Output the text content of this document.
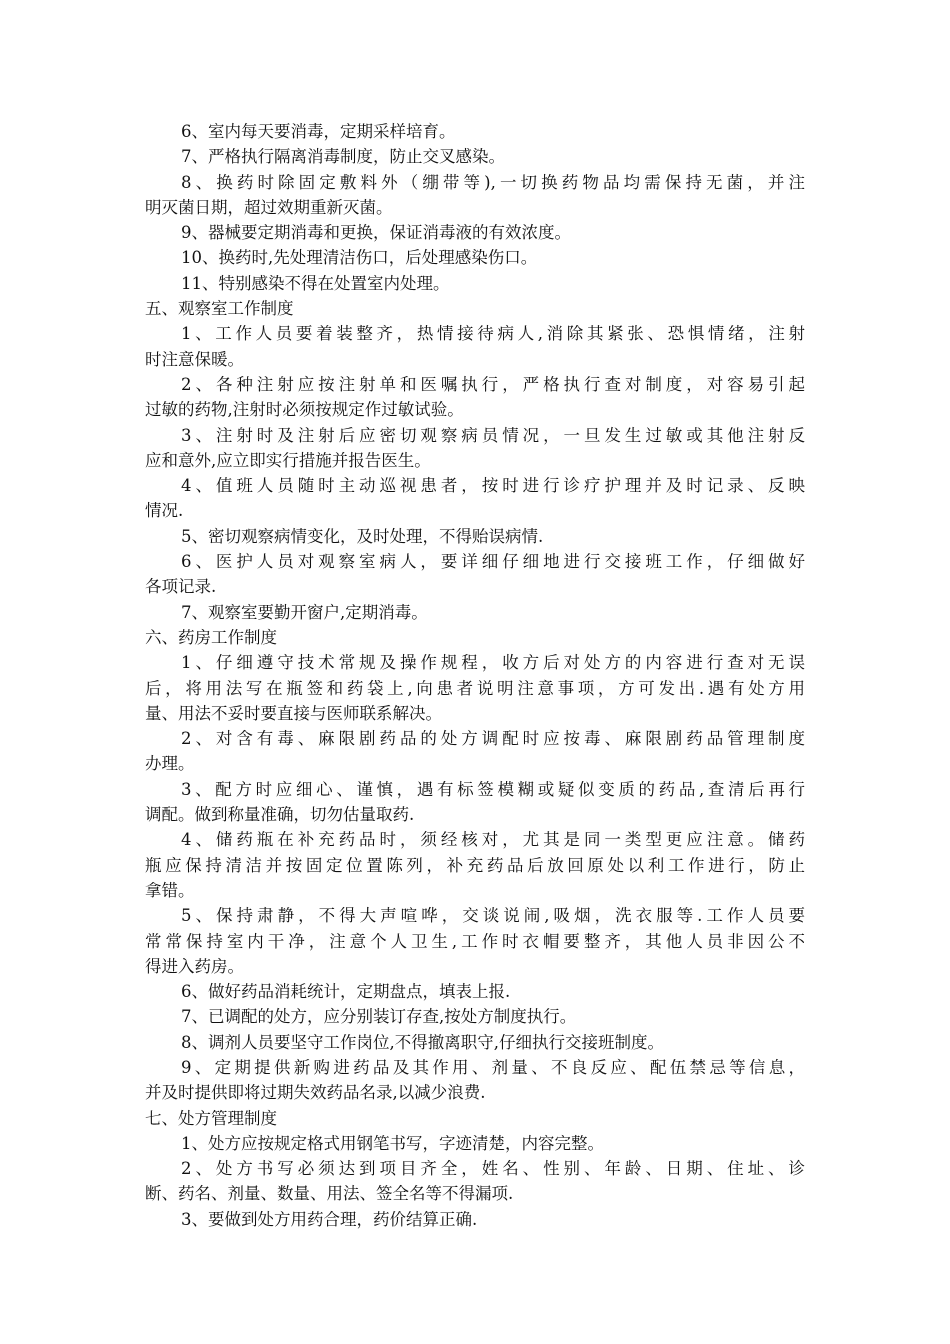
6、室内每天要消毒，定期采样培育。
7、严格执行隔离消毒制度，防止交叉感染。
8、换药时除固定敷料外（绷带等),一切换药物品均需保持无菌，并注
明灭菌日期，超过效期重新灭菌。
9、器械要定期消毒和更换，保证消毒液的有效浓度。
10、换药时,先处理清洁伤口，后处理感染伤口。
11、特别感染不得在处置室内处理。
五、观察室工作制度
1、工作人员要着装整齐，热情接待病人,消除其紧张、恐惧情绪，注射
时注意保暖。
2、各种注射应按注射单和医嘱执行，严格执行查对制度，对容易引起
过敏的药物,注射时必须按规定作过敏试验。
3、注射时及注射后应密切观察病员情况，一旦发生过敏或其他注射反
应和意外,应立即实行措施并报告医生。
4、值班人员随时主动巡视患者，按时进行诊疗护理并及时记录、反映
情况.
5、密切观察病情变化，及时处理，不得贻误病情.
6、医护人员对观察室病人，要详细仔细地进行交接班工作，仔细做好
各项记录.
7、观察室要勤开窗户,定期消毒。
六、药房工作制度
1、仔细遵守技术常规及操作规程，收方后对处方的内容进行查对无误
后，将用法写在瓶签和药袋上,向患者说明注意事项，方可发出.遇有处方用
量、用法不妥时要直接与医师联系解决。
2、对含有毒、麻限剧药品的处方调配时应按毒、麻限剧药品管理制度
办理。
3、配方时应细心、谨慎，遇有标签模糊或疑似变质的药品,查清后再行
调配。做到称量准确，切勿估量取药.
4、储药瓶在补充药品时，须经核对，尤其是同一类型更应注意。储药
瓶应保持清洁并按固定位置陈列，补充药品后放回原处以利工作进行，防止
拿错。
5、保持肃静，不得大声喧哗，交谈说闹,吸烟，洗衣服等.工作人员要
常常保持室内干净，注意个人卫生,工作时衣帽要整齐，其他人员非因公不
得进入药房。
6、做好药品消耗统计，定期盘点，填表上报.
7、已调配的处方，应分别装订存查,按处方制度执行。
8、调剂人员要坚守工作岗位,不得撤离职守,仔细执行交接班制度。
9、定期提供新购进药品及其作用、剂量、不良反应、配伍禁忌等信息，
并及时提供即将过期失效药品名录,以减少浪费.
七、处方管理制度
1、处方应按规定格式用钢笔书写，字迹清楚，内容完整。
2、处方书写必须达到项目齐全，姓名、性别、年龄、日期、住址、诊
断、药名、剂量、数量、用法、签全名等不得漏项.
3、要做到处方用药合理，药价结算正确.
